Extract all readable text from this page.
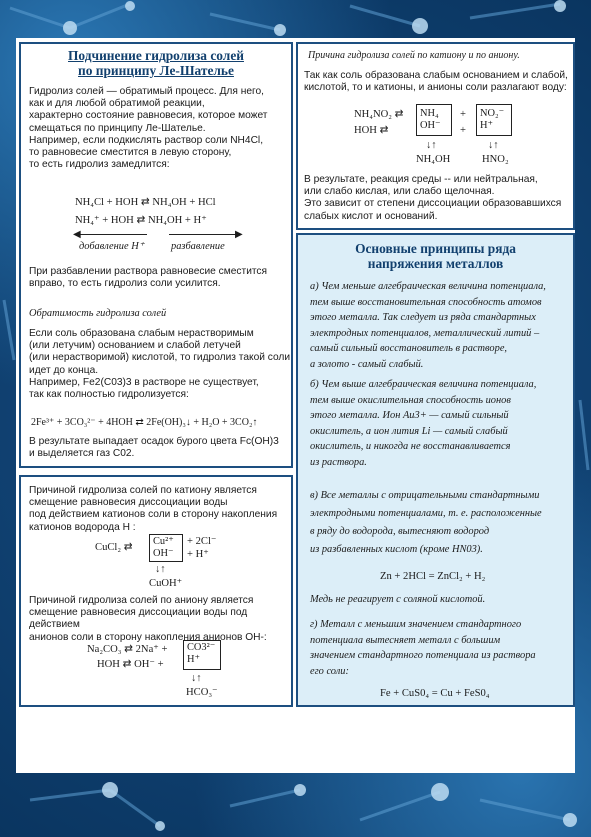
Подчинение гидролиза солей

по принципу Ле-Шателье

Гидролиз солей — обратимый процесс. Для него,

как и для любой обратимой реакции,

характерно состояние равновесия, которое может

смещаться по принципу Ле-Шателье.

Например, если подкислять раствор соли NH4Cl,

то равновесие сместится в левую сторону,

то есть гидролиз замедлится:

NH₄Cl + HOH ⇄ NH₄OH + HCl

NH₄⁺ + HOH ⇄ NH₄OH + H⁺

◀	▶

добавление H⁺	разбавление

При разбавлении раствора равновесие сместится

вправо, то есть гидролиз соли усилится.

Обратимость гидролиза солей

Если соль образована слабым нерастворимым

(или летучим) основанием и слабой летучей

(или нерастворимой) кислотой, то гидролиз такой соли

идет до конца.

Например, Fe2(С03)3 в растворе не существует,

так как полностью гидролизуется:

2Fe³⁺ + 3CO₃²⁻ + 4HOH ⇄ 2Fe(OH)₃↓ + H₂O + 3CO₂↑

В результате выпадает осадок бурого цвета Fc(OH)3

и выделяется газ С02.

Причиной гидролиза солей по катиону является

смещение равновесия диссоциации воды

под действием катионов соли в сторону накопления

катионов водорода Н :

CuCl₂ ⇄

Cu²⁺
OH⁻

+ 2Cl⁻

+ H⁺

↓↑

CuOH⁺

Причиной гидролиза солей по аниону является

смещение равновесия диссоциации воды под действием

анионов соли в сторону накопления анионов ОН-:

Na₂CO₃ ⇄ 2Na⁺ +

HOH ⇄ OH⁻ +

CO3²⁻
H⁺

↓↑

HCO₃⁻

Причина гидролиза солей по катиону и по аниону.

Так как соль образована слабым основанием и слабой,

кислотой, то и катионы, и анионы соли разлагают воду:

NH₄NO₂ ⇄

HOH ⇄

NH₄
OH⁻

+

+

NO₂⁻
H⁺

↓↑	↓↑

NH₄OH	HNO₂

В результате, реакция среды -- или нейтральная,

или слабо кислая, или слабо щелочная.

Это зависит от степени диссоциации образовавшихся

слабых кислот и оснований.

Основные принципы ряда

напряжения металлов

а) Чем меньше алгебраическая величина потенциала,

тем выше восстановительная способность атомов

этого металла. Так следует из ряда стандартных

электродных потенциалов, металлический литий –

самый сильный восстановитель в растворе,

а золото - самый слабый.

б) Чем выше алгебраическая величина потенциала,

тем выше окислительная способность ионов

этого металла. Ион Au3+ — самый сильный

окислитель, а ион лития Li — самый слабый

окислитель, и никогда не восстанавливается

из раствора.

в) Все металлы с отрицательными стандартными

электродными потенциалами, т. е. расположенные

в ряду до водорода, вытесняют водород

из разбавленных кислот (кроме HN03).

Zn + 2HCl = ZnCl₂ + H₂

Медь не реагирует с соляной кислотой.

г) Металл с меньшим значением стандартного

потенциала вытесняет металл с большим

значением стандартного потенциала из раствора

его соли:

Fe + CuS0₄ = Cu + FeS0₄
